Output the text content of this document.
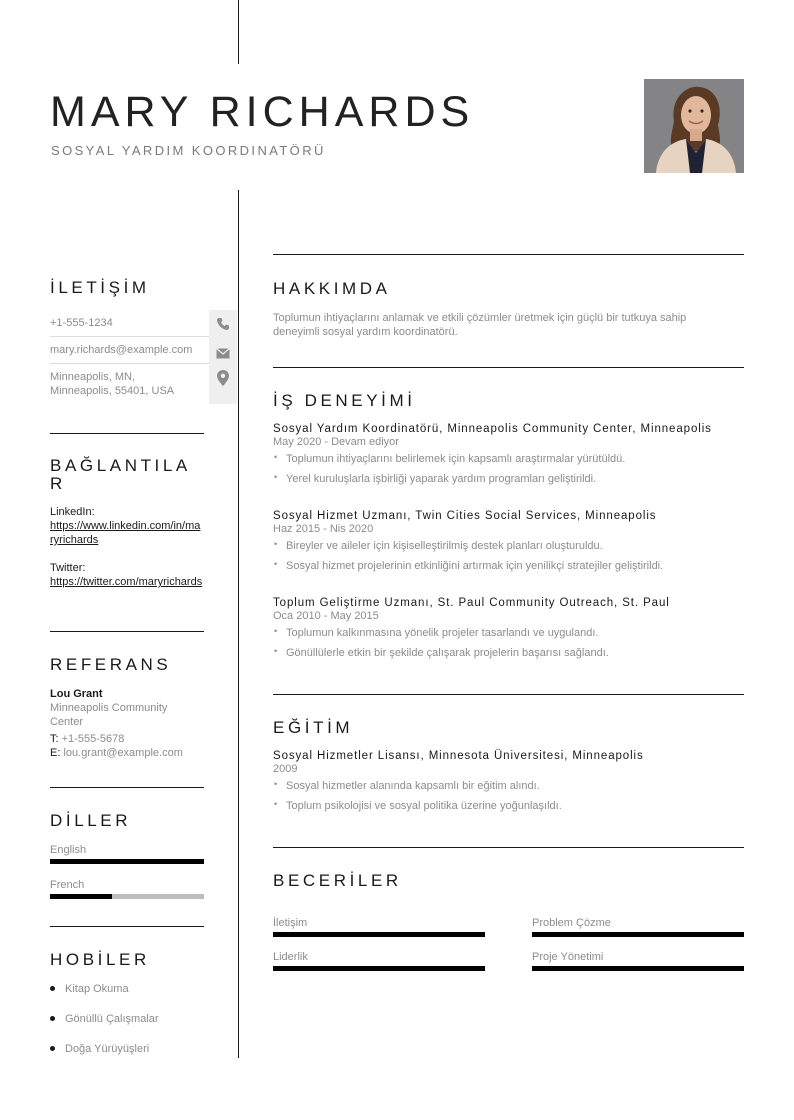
MARY RICHARDS
SOSYAL YARDIM KOORDINATÖRÜ
İLETİŞİM
+1-555-1234
mary.richards@example.com
Minneapolis, MN,
Minneapolis, 55401, USA
BAĞLANTILA
R
LinkedIn:
https://www.linkedin.com/in/maryrichards
Twitter:
https://twitter.com/maryrichards
REFERANS
Lou Grant
Minneapolis Community Center
T: +1-555-5678
E: lou.grant@example.com
DİLLER
English
French
HOBİLER
Kitap Okuma
Gönüllü Çalışmalar
Doğa Yürüyüşleri
HAKKIMDA
Toplumun ihtiyaçlarını anlamak ve etkili çözümler üretmek için güçlü bir tutkuya sahip
deneyimli sosyal yardım koordinatörü.
İŞ DENEYİMİ
Sosyal Yardım Koordinatörü, Minneapolis Community Center, Minneapolis
May 2020 - Devam ediyor
• Toplumun ihtiyaçlarını belirlemek için kapsamlı araştırmalar yürütüldü.
• Yerel kuruluşlarla işbirliği yaparak yardım programları geliştirildi.
Sosyal Hizmet Uzmanı, Twin Cities Social Services, Minneapolis
Haz 2015 - Nis 2020
• Bireyler ve aileler için kişiselleştirilmiş destek planları oluşturuldu.
• Sosyal hizmet projelerinin etkinliğini artırmak için yenilikçi stratejiler geliştirildi.
Toplum Geliştirme Uzmanı, St. Paul Community Outreach, St. Paul
Oca 2010 - May 2015
• Toplumun kalkınmasına yönelik projeler tasarlandı ve uygulandı.
• Gönüllülerle etkin bir şekilde çalışarak projelerin başarısı sağlandı.
EĞİTİM
Sosyal Hizmetler Lisansı, Minnesota Üniversitesi, Minneapolis
2009
• Sosyal hizmetler alanında kapsamlı bir eğitim alındı.
• Toplum psikolojisi ve sosyal politika üzerine yoğunlaşıldı.
BECERİLER
İletişim	Problem Çözme
Liderlik	Proje Yönetimi
